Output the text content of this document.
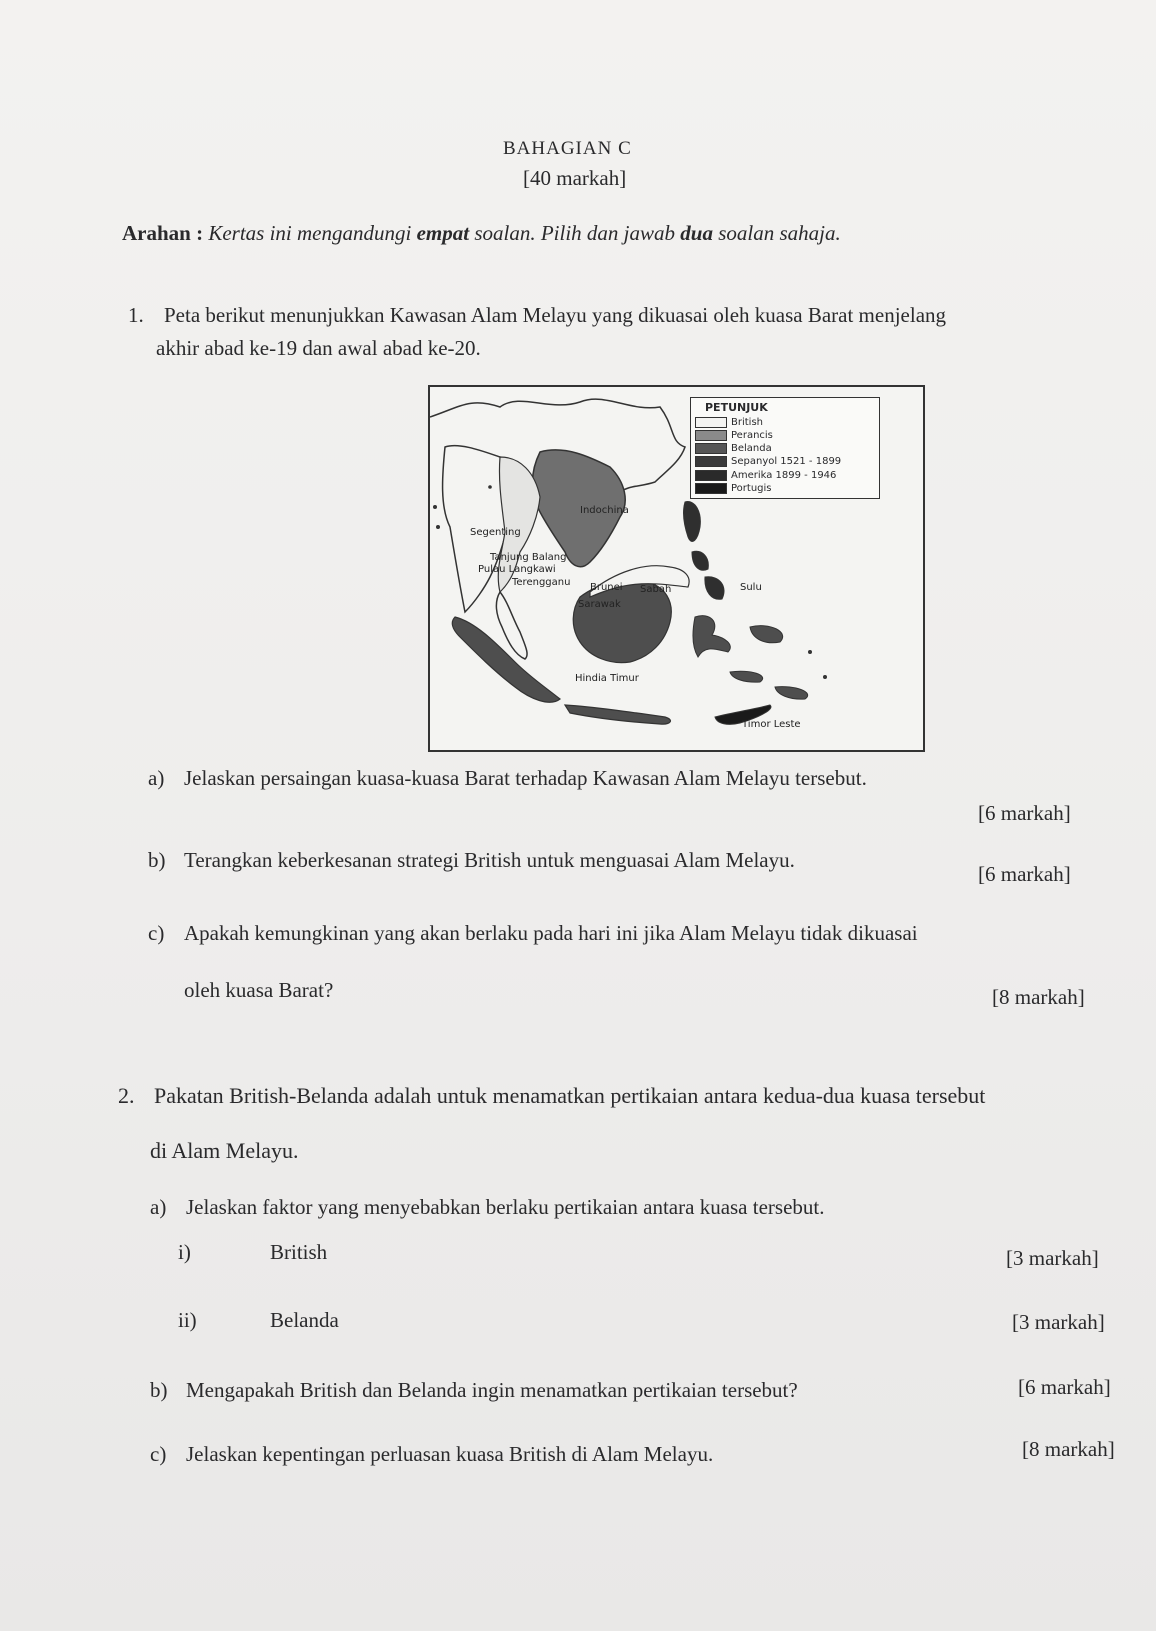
BAHAGIAN C
[40 markah]
Arahan : Kertas ini mengandungi empat soalan. Pilih dan jawab dua soalan sahaja.
1. Peta berikut menunjukkan Kawasan Alam Melayu yang dikuasai oleh kuasa Barat menjelang
akhir abad ke-19 dan awal abad ke-20.
PETUNJUK
British
Perancis
Belanda
Sepanyol 1521 - 1899
Amerika 1899 - 1946
Portugis
Indochina
Segenting
Tanjung Balang
Pulau Langkawi
Terengganu Brunei Sabah	Sulu
Sarawak
Hindia Timur
Timor Leste
a) Jelaskan persaingan kuasa-kuasa Barat terhadap Kawasan Alam Melayu tersebut.
[6 markah]
b) Terangkan keberkesanan strategi British untuk menguasai Alam Melayu.
[6 markah]
c) Apakah kemungkinan yang akan berlaku pada hari ini jika Alam Melayu tidak dikuasai
oleh kuasa Barat?	[8 markah]
2. Pakatan British-Belanda adalah untuk menamatkan pertikaian antara kedua-dua kuasa tersebut
di Alam Melayu.
a) Jelaskan faktor yang menyebabkan berlaku pertikaian antara kuasa tersebut.
i)	British	[3 markah]
ii)	Belanda	[3 markah]
b) Mengapakah British dan Belanda ingin menamatkan pertikaian tersebut?	[6 markah]
c) Jelaskan kepentingan perluasan kuasa British di Alam Melayu.	[8 markah]
